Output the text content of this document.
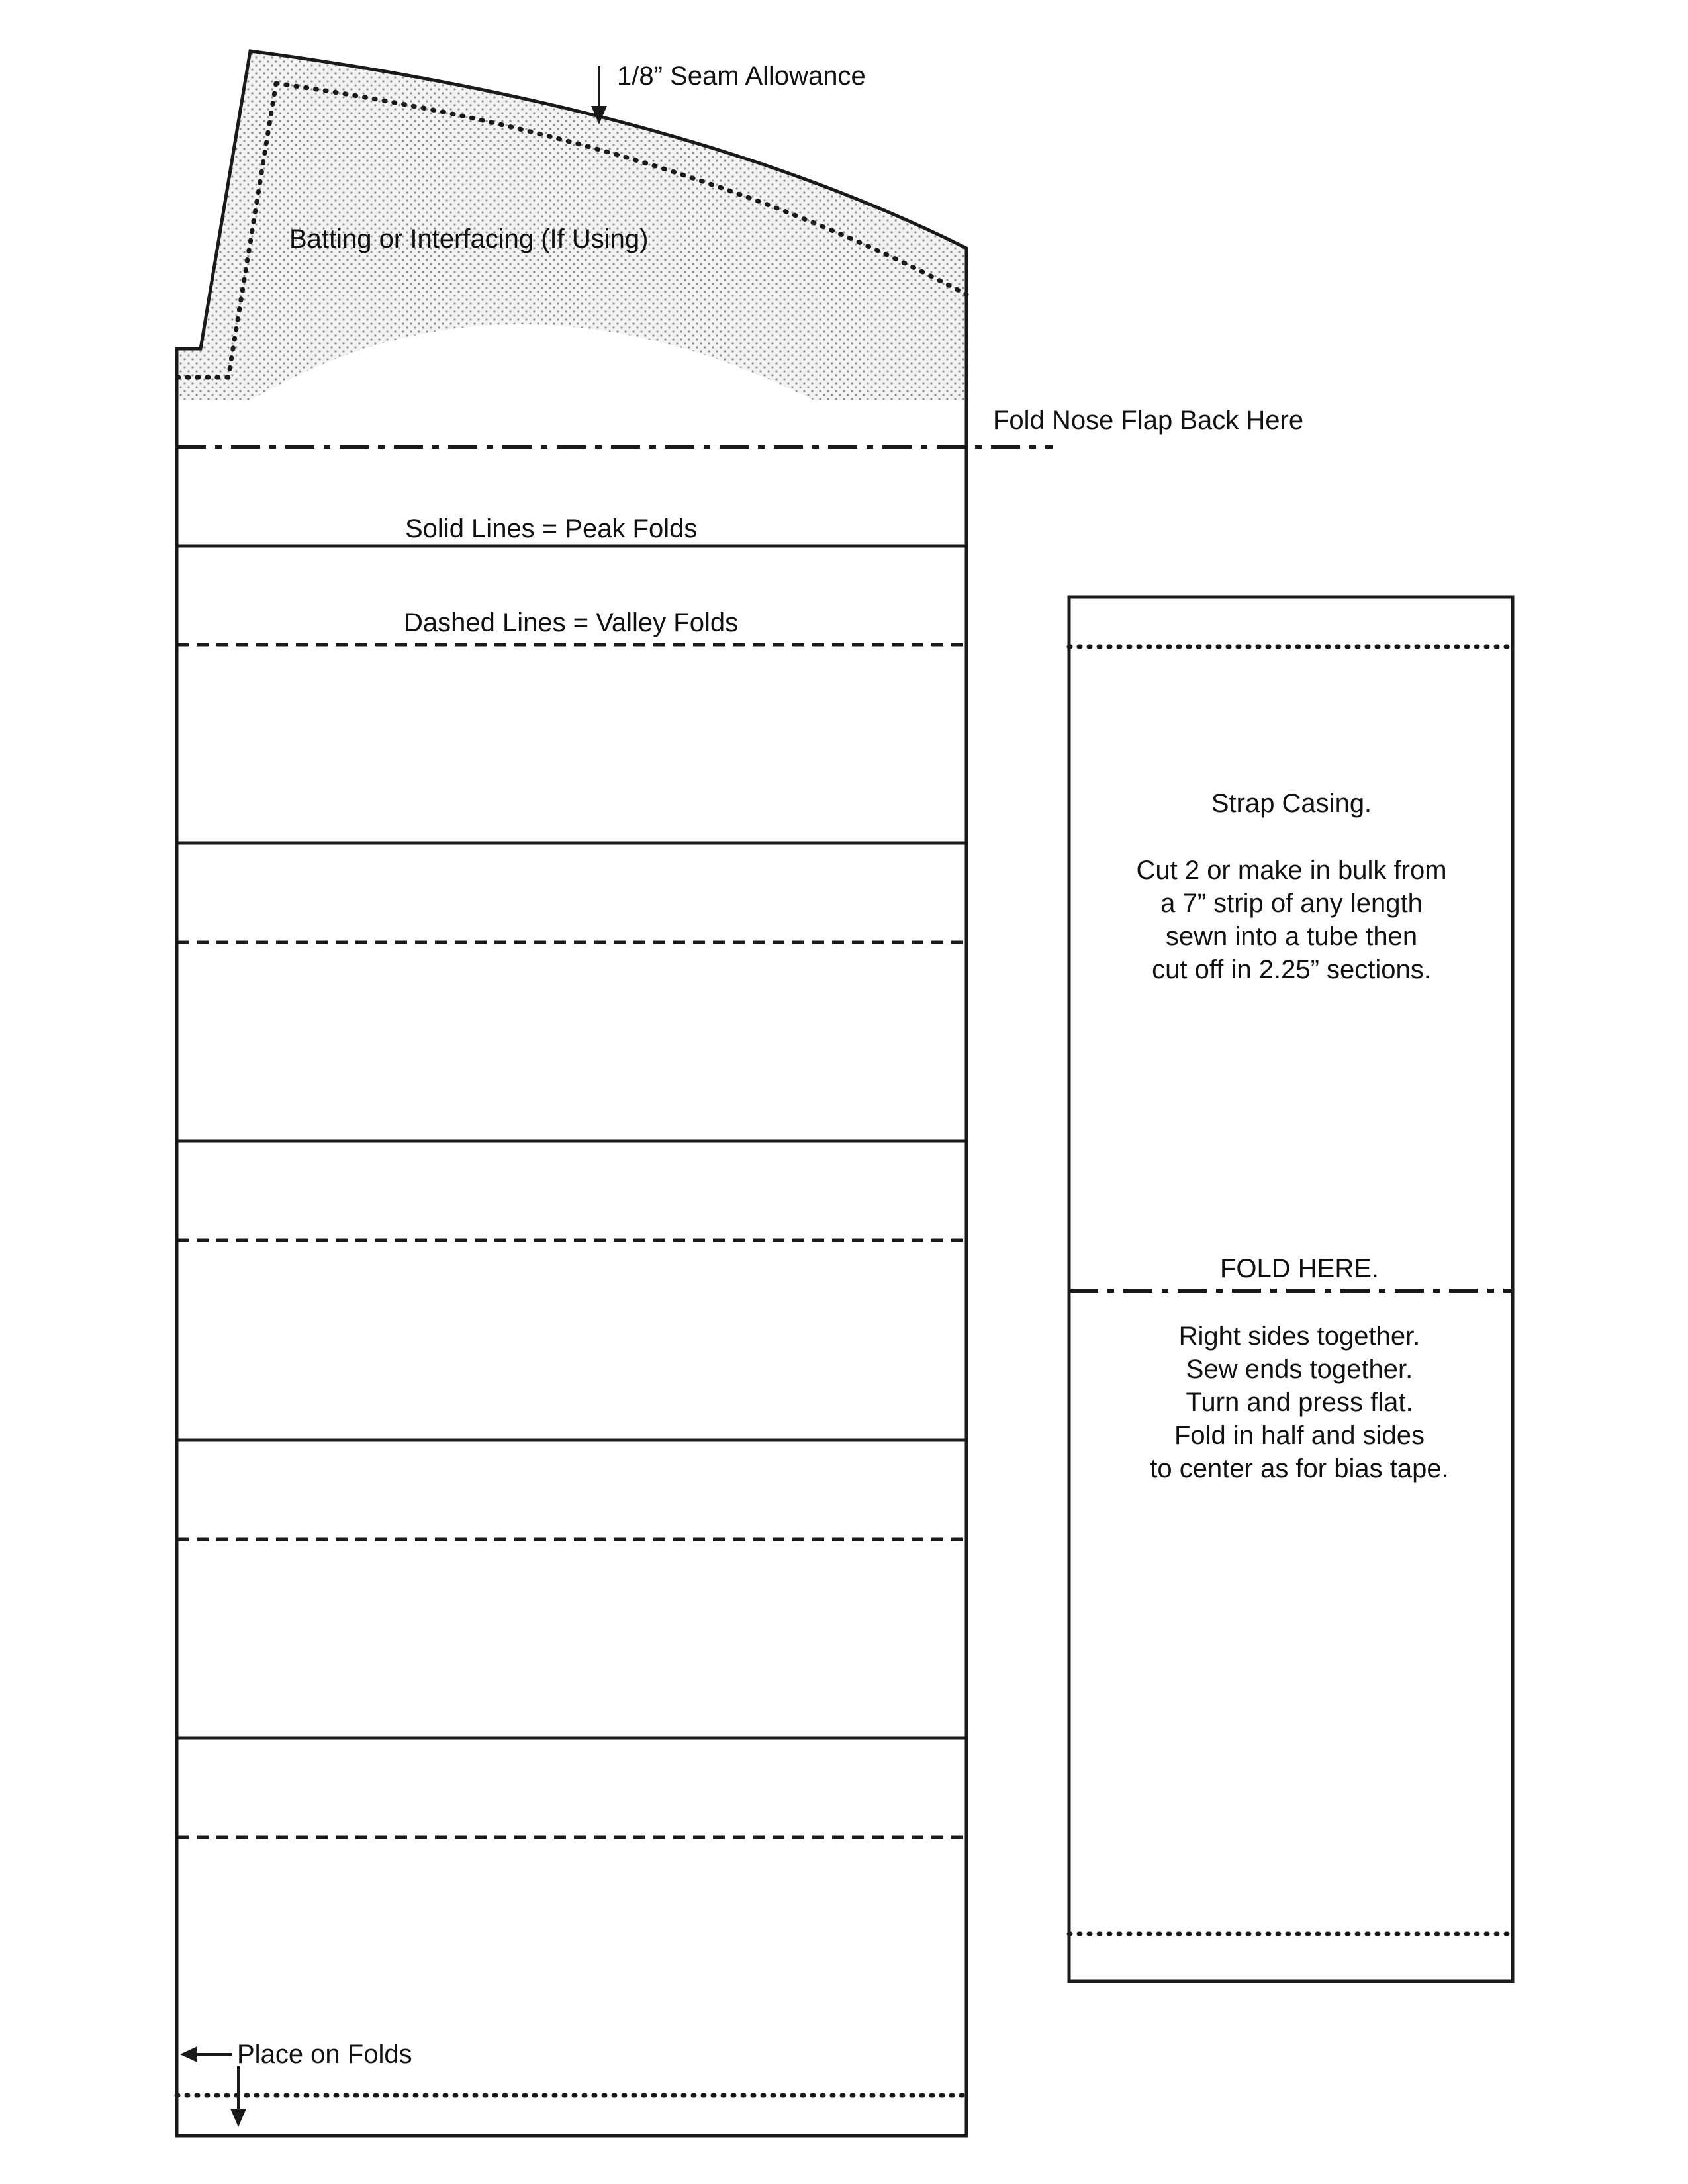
1/8” Seam Allowance
Batting or Interfacing (If Using)
Fold Nose Flap Back Here
Solid Lines = Peak Folds
Dashed Lines = Valley Folds
Place on Folds
Strap Casing.
Cut 2 or make in bulk from
a 7” strip of any length
sewn into a tube then
cut off in 2.25” sections.
FOLD HERE.
Right sides together.
Sew ends together.
Turn and press flat.
Fold in half and sides
to center as for bias tape.
